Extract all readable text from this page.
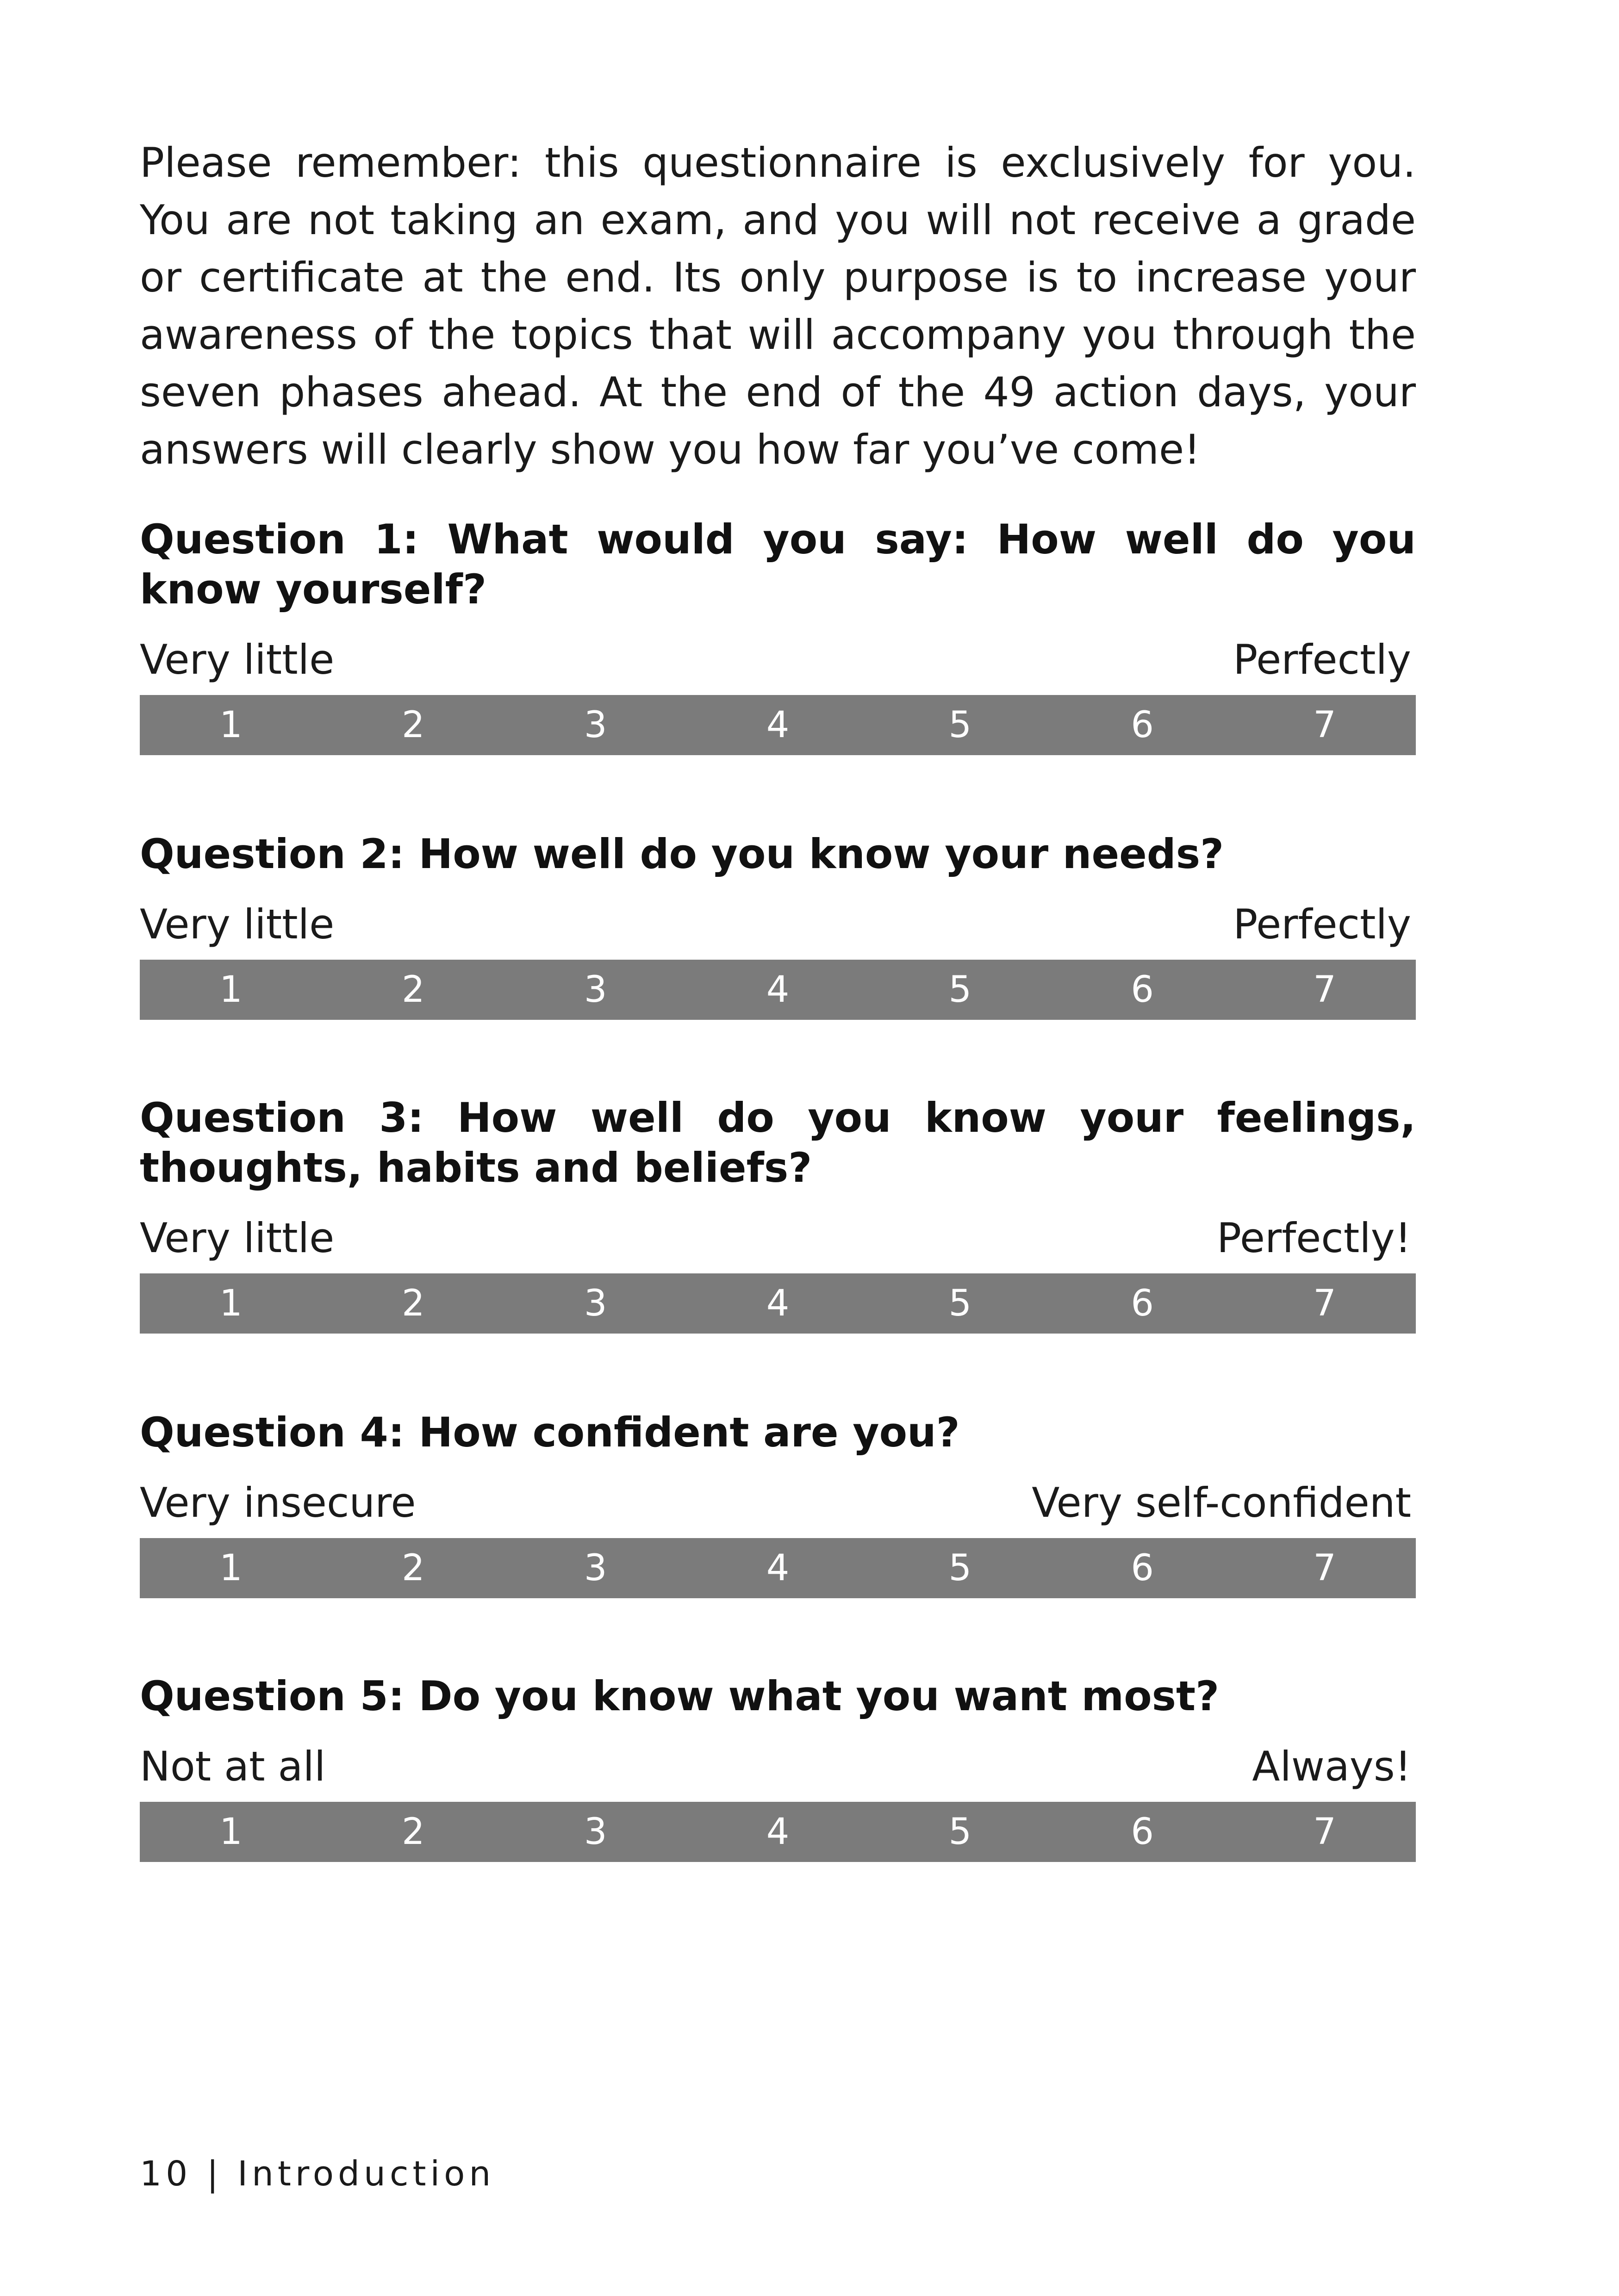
Please remember: this questionnaire is exclusively for you. You are not taking an exam, and you will not receive a grade or certificate at the end. Its only purpose is to increase your awareness of the topics that will accompany you through the seven phases ahead. At the end of the 49 action days, your answers will clearly show you how far you’ve come!

Question 1: What would you say: How well do you know yourself?

Very little	Perfectly
1	2	3	4	5	6	7

Question 2: How well do you know your needs?

Very little	Perfectly
1	2	3	4	5	6	7

Question 3: How well do you know your feelings, thoughts, habits and beliefs?

Very little	Perfectly!
1	2	3	4	5	6	7

Question 4: How confident are you?

Very insecure	Very self-confident
1	2	3	4	5	6	7

Question 5: Do you know what you want most?

Not at all	Always!
1	2	3	4	5	6	7
10 | Introduction
